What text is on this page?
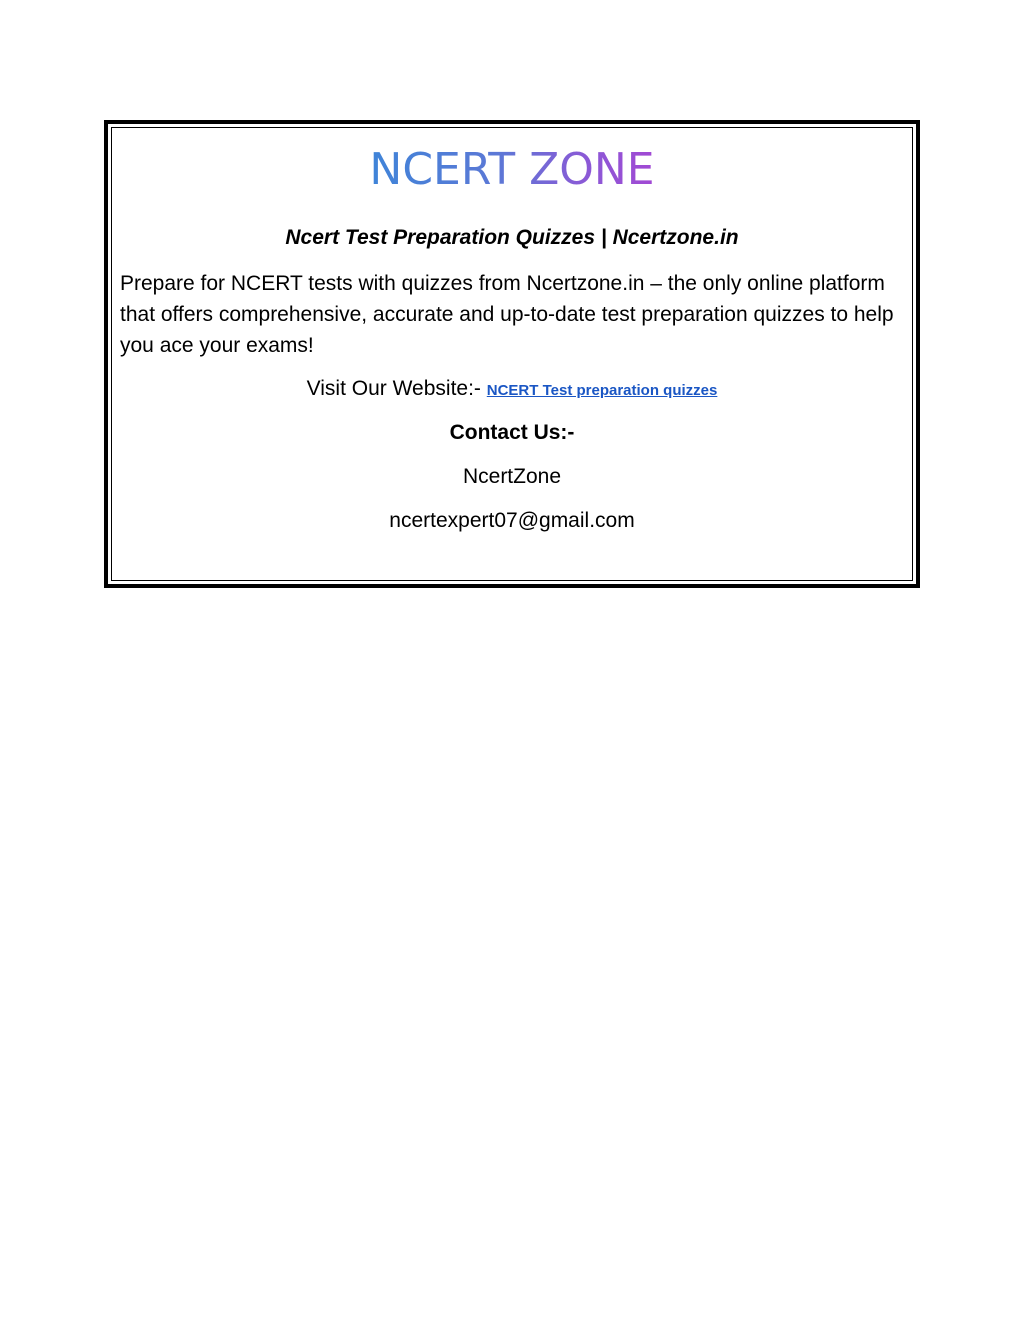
NCERT ZONE
Ncert Test Preparation Quizzes | Ncertzone.in

Prepare for NCERT tests with quizzes from Ncertzone.in – the only online platform that offers comprehensive, accurate and up-to-date test preparation quizzes to help you ace your exams!

Visit Our Website:- NCERT Test preparation quizzes
Contact Us:-
NcertZone
ncertexpert07@gmail.com
